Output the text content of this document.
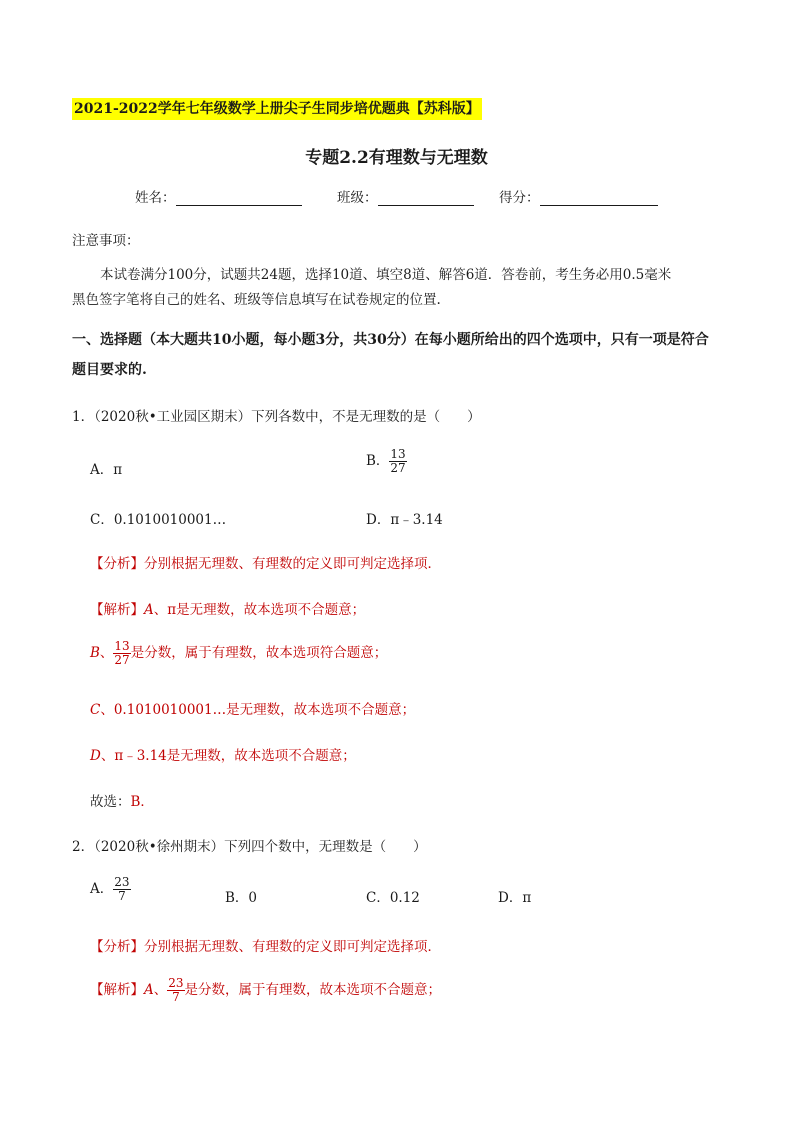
2021-2022学年七年级数学上册尖子生同步培优题典【苏科版】
专题2.2有理数与无理数
姓名：	班级：	得分：
注意事项：
本试卷满分100分，试题共24题，选择10道、填空8道、解答6道．答卷前，考生务必用0.5毫米
黑色签字笔将自己的姓名、班级等信息填写在试卷规定的位置.
一、选择题（本大题共10小题，每小题3分，共30分）在每小题所给出的四个选项中，只有一项是符合
题目要求的.
1．（2020秋•工业园区期末）下列各数中，不是无理数的是（　　）
A．π
B． $\frac{13}{27}$
C．0.1010010001…	D．π﹣3.14
【分析】分别根据无理数、有理数的定义即可判定选择项．
【解析】A、π是无理数，故本选项不合题意；
B、 $\frac{13}{27}$ 是分数，属于有理数，故本选项符合题意；
C、0.1010010001…是无理数，故本选项不合题意；
D、π﹣3.14是无理数，故本选项不合题意；
故选：B．
2．（2020秋•徐州期末）下列四个数中，无理数是（　　）
A． $\frac{23}{7}$	B．0	C．0.12	D．π
【分析】分别根据无理数、有理数的定义即可判定选择项．
【解析】A、 $\frac{23}{7}$ 是分数，属于有理数，故本选项不合题意；
